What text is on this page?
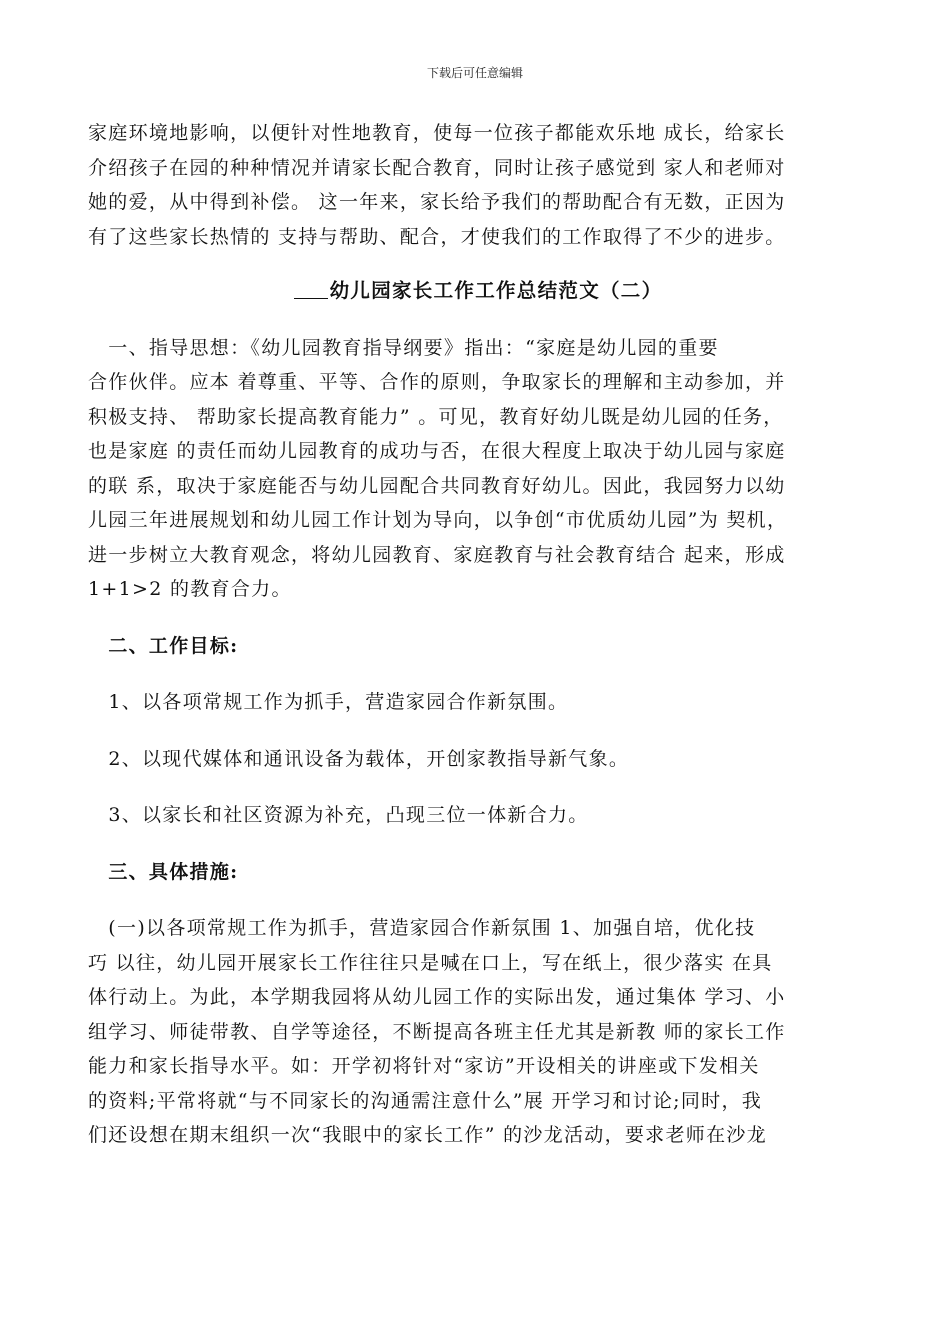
下载后可任意编辑

家庭环境地影响，以便针对性地教育，使每一位孩子都能欢乐地 成长，给家长

介绍孩子在园的种种情况并请家长配合教育，同时让孩子感觉到 家人和老师对

她的爱，从中得到补偿。 这一年来，家长给予我们的帮助配合有无数，正因为

有了这些家长热情的 支持与帮助、配合，才使我们的工作取得了不少的进步。

幼儿园家长工作工作总结范文（二）

　一、指导思想：《幼儿园教育指导纲要》指出：“家庭是幼儿园的重要

合作伙伴。应本 着尊重、平等、合作的原则，争取家长的理解和主动参加，并

积极支持、 帮助家长提高教育能力” 。可见，教育好幼儿既是幼儿园的任务，

也是家庭 的责任而幼儿园教育的成功与否，在很大程度上取决于幼儿园与家庭

的联 系，取决于家庭能否与幼儿园配合共同教育好幼儿。因此，我园努力以幼

儿园三年进展规划和幼儿园工作计划为导向，以争创“市优质幼儿园”为 契机，

进一步树立大教育观念，将幼儿园教育、家庭教育与社会教育结合 起来，形成

1+1>2 的教育合力。

　二、工作目标:

　1、以各项常规工作为抓手，营造家园合作新氛围。

　2、以现代媒体和通讯设备为载体，开创家教指导新气象。

　3、以家长和社区资源为补充，凸现三位一体新合力。

　三、具体措施:

　(一)以各项常规工作为抓手，营造家园合作新氛围 1、加强自培，优化技

巧 以往，幼儿园开展家长工作往往只是喊在口上，写在纸上，很少落实 在具

体行动上。为此，本学期我园将从幼儿园工作的实际出发，通过集体 学习、小

组学习、师徒带教、自学等途径，不断提高各班主任尤其是新教 师的家长工作

能力和家长指导水平。如：开学初将针对“家访”开设相关的讲座或下发相关

的资料;平常将就“与不同家长的沟通需注意什么”展 开学习和讨论;同时，我

们还设想在期末组织一次“我眼中的家长工作” 的沙龙活动，要求老师在沙龙
